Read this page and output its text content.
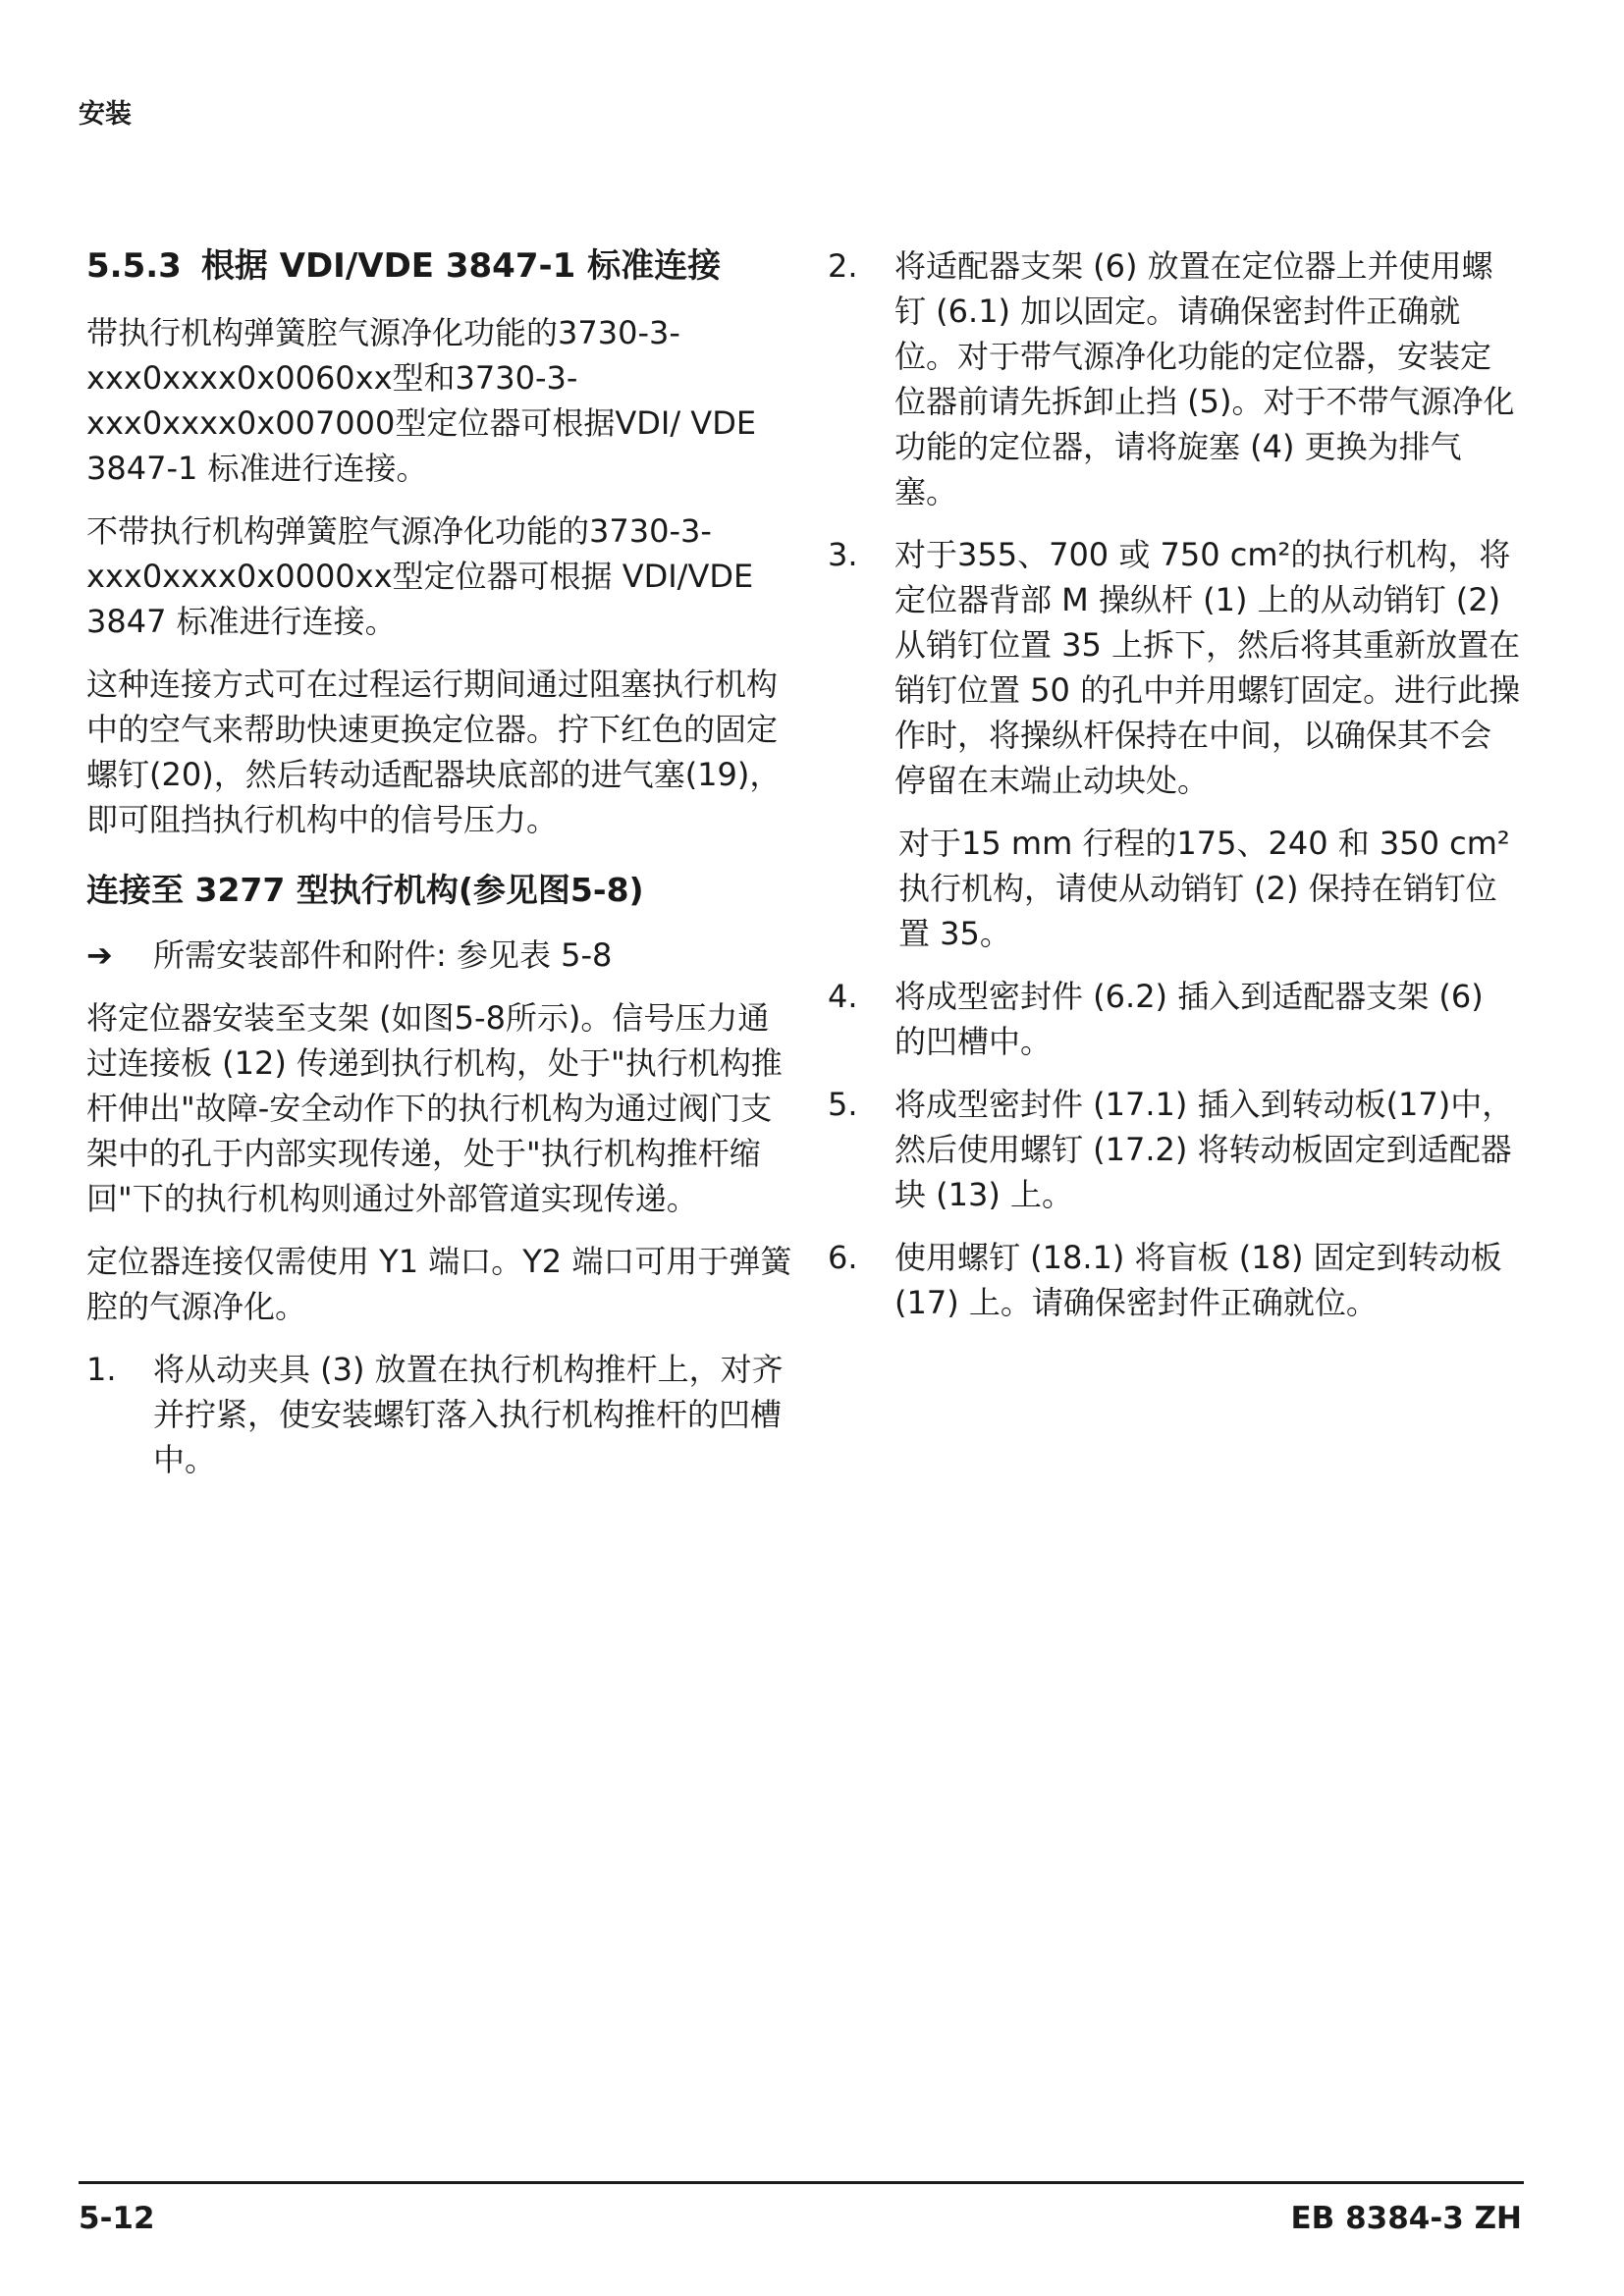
安装

5.5.3 根据 VDI/VDE 3847-1 标准连接

带执行机构弹簧腔气源净化功能的3730-3-xxx0xxxx0x0060xx型和3730-3-xxx0xxxx0x007000型定位器可根据VDI/ VDE 3847-1 标准进行连接。

不带执行机构弹簧腔气源净化功能的3730-3-xxx0xxxx0x0000xx型定位器可根据 VDI/VDE 3847 标准进行连接。

这种连接方式可在过程运行期间通过阻塞执行机构中的空气来帮助快速更换定位器。拧下红色的固定螺钉(20)，然后转动适配器块底部的进气塞(19)，即可阻挡执行机构中的信号压力。

连接至 3277 型执行机构(参见图5-8)
➔	所需安装部件和附件: 参见表 5-8

将定位器安装至支架 (如图5-8所示)。信号压力通过连接板 (12) 传递到执行机构，处于"执行机构推杆伸出"故障-安全动作下的执行机构为通过阀门支架中的孔于内部实现传递，处于"执行机构推杆缩回"下的执行机构则通过外部管道实现传递。

定位器连接仅需使用 Y1 端口。Y2 端口可用于弹簧腔的气源净化。

1.	将从动夹具 (3) 放置在执行机构推杆上，对齐并拧紧，使安装螺钉落入执行机构推杆的凹槽中。
2.	将适配器支架 (6) 放置在定位器上并使用螺钉 (6.1) 加以固定。请确保密封件正确就位。对于带气源净化功能的定位器，安装定位器前请先拆卸止挡 (5)。对于不带气源净化功能的定位器，请将旋塞 (4) 更换为排气塞。
3.	对于355、700 或 750 cm²的执行机构，将定位器背部 M 操纵杆 (1) 上的从动销钉 (2) 从销钉位置 35 上拆下，然后将其重新放置在销钉位置 50 的孔中并用螺钉固定。进行此操作时，将操纵杆保持在中间，以确保其不会停留在末端止动块处。

对于15 mm 行程的175、240 和 350 cm² 执行机构，请使从动销钉 (2) 保持在销钉位置 35。

4.	将成型密封件 (6.2) 插入到适配器支架 (6) 的凹槽中。
5.	将成型密封件 (17.1) 插入到转动板(17)中，然后使用螺钉 (17.2) 将转动板固定到适配器块 (13) 上。
6.	使用螺钉 (18.1) 将盲板 (18) 固定到转动板 (17) 上。请确保密封件正确就位。

5-12	EB 8384-3 ZH
